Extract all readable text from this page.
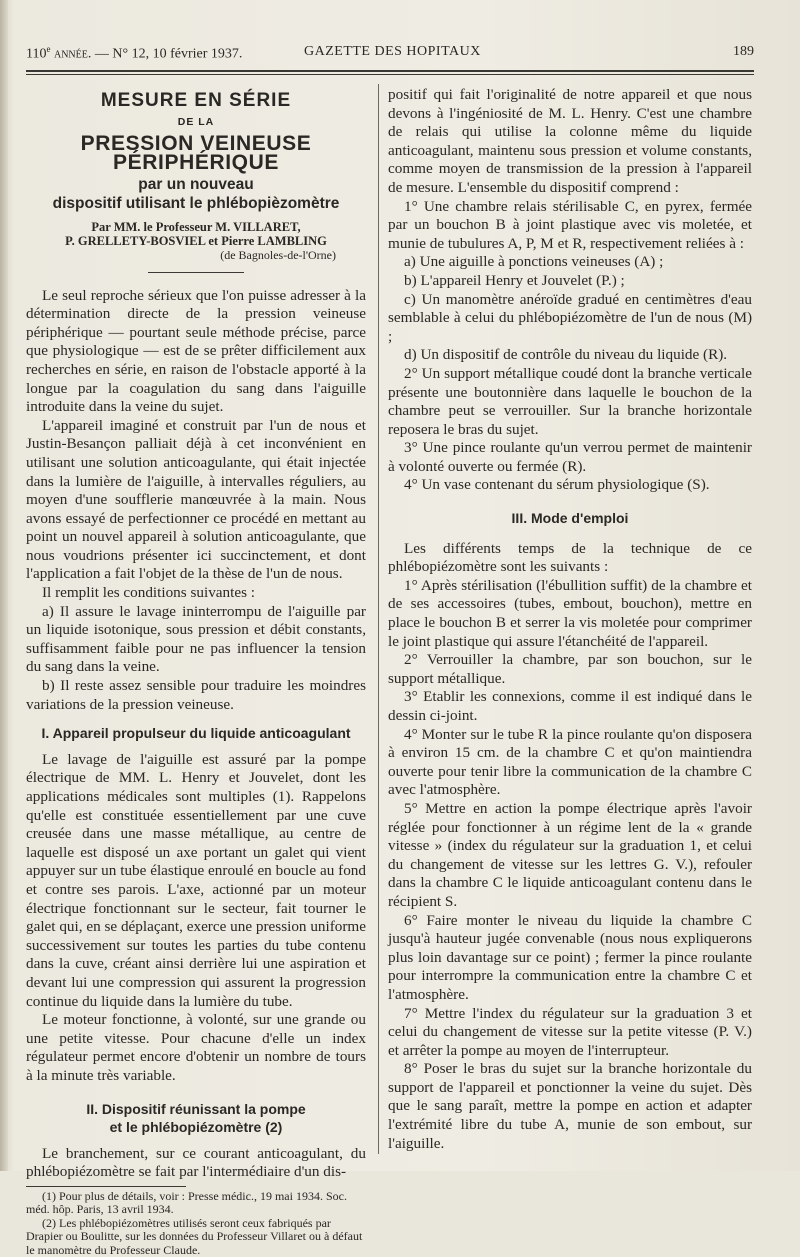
110e année. — N° 12, 10 février 1937.	GAZETTE DES HOPITAUX	189
MESURE EN SÉRIE
DE LA
PRESSION VEINEUSE PÉRIPHÉRIQUE
par un nouveau
dispositif utilisant le phlébopièzomètre
Par MM. le Professeur M. VILLARET,
P. GRELLETY-BOSVIEL et Pierre LAMBLING
(de Bagnoles-de-l'Orne)

Le seul reproche sérieux que l'on puisse adresser à la détermination directe de la pression veineuse périphérique — pourtant seule méthode précise, parce que physiologique — est de se prêter difficilement aux recherches en série, en raison de l'obstacle apporté à la longue par la coagulation du sang dans l'aiguille introduite dans la veine du sujet.

L'appareil imaginé et construit par l'un de nous et Justin-Besançon palliait déjà à cet inconvénient en utilisant une solution anticoagulante, qui était injectée dans la lumière de l'aiguille, à intervalles réguliers, au moyen d'une soufflerie manœuvrée à la main. Nous avons essayé de perfectionner ce procédé en mettant au point un nouvel appareil à solution anticoagulante, que nous voudrions présenter ici succinctement, et dont l'application a fait l'objet de la thèse de l'un de nous.

Il remplit les conditions suivantes :

a) Il assure le lavage ininterrompu de l'aiguille par un liquide isotonique, sous pression et débit constants, suffisamment faible pour ne pas influencer la tension du sang dans la veine.

b) Il reste assez sensible pour traduire les moindres variations de la pression veineuse.

I. Appareil propulseur du liquide anticoagulant

Le lavage de l'aiguille est assuré par la pompe électrique de MM. L. Henry et Jouvelet, dont les applications médicales sont multiples (1). Rappelons qu'elle est constituée essentiellement par une cuve creusée dans une masse métallique, au centre de laquelle est disposé un axe portant un galet qui vient appuyer sur un tube élastique enroulé en boucle au fond et contre ses parois. L'axe, actionné par un moteur électrique fonctionnant sur le secteur, fait tourner le galet qui, en se déplaçant, exerce une pression uniforme successivement sur toutes les parties du tube contenu dans la cuve, créant ainsi derrière lui une aspiration et devant lui une compression qui assurent la progression continue du liquide dans la lumière du tube.

Le moteur fonctionne, à volonté, sur une grande ou une petite vitesse. Pour chacune d'elle un index régulateur permet encore d'obtenir un nombre de tours à la minute très variable.

II. Dispositif réunissant la pompe
et le phlébopiézomètre (2)

Le branchement, sur ce courant anticoagulant, du phlébopiézomètre se fait par l'intermédiaire d'un dis-

(1) Pour plus de détails, voir : Presse médic., 19 mai 1934. Soc. méd. hôp. Paris, 13 avril 1934.

(2) Les phlébopiézomètres utilisés seront ceux fabriqués par Drapier ou Boulitte, sur les données du Professeur Villaret ou à défaut le manomètre du Professeur Claude.

positif qui fait l'originalité de notre appareil et que nous devons à l'ingéniosité de M. L. Henry. C'est une chambre de relais qui utilise la colonne même du liquide anticoagulant, maintenu sous pression et volume constants, comme moyen de transmission de la pression à l'appareil de mesure. L'ensemble du dispositif comprend :

1° Une chambre relais stérilisable C, en pyrex, fermée par un bouchon B à joint plastique avec vis moletée, et munie de tubulures A, P, M et R, respectivement reliées à :

a) Une aiguille à ponctions veineuses (A) ;

b) L'appareil Henry et Jouvelet (P.) ;

c) Un manomètre anéroïde gradué en centimètres d'eau semblable à celui du phlébopiézomètre de l'un de nous (M) ;

d) Un dispositif de contrôle du niveau du liquide (R).

2° Un support métallique coudé dont la branche verticale présente une boutonnière dans laquelle le bouchon de la chambre peut se verrouiller. Sur la branche horizontale reposera le bras du sujet.

3° Une pince roulante qu'un verrou permet de maintenir à volonté ouverte ou fermée (R).

4° Un vase contenant du sérum physiologique (S).

III. Mode d'emploi

Les différents temps de la technique de ce phlébopiézomètre sont les suivants :

1° Après stérilisation (l'ébullition suffit) de la chambre et de ses accessoires (tubes, embout, bouchon), mettre en place le bouchon B et serrer la vis moletée pour comprimer le joint plastique qui assure l'étanchéité de l'appareil.

2° Verrouiller la chambre, par son bouchon, sur le support métallique.

3° Etablir les connexions, comme il est indiqué dans le dessin ci-joint.

4° Monter sur le tube R la pince roulante qu'on disposera à environ 15 cm. de la chambre C et qu'on maintiendra ouverte pour tenir libre la communication de la chambre C avec l'atmosphère.

5° Mettre en action la pompe électrique après l'avoir réglée pour fonctionner à un régime lent de la « grande vitesse » (index du régulateur sur la graduation 1, et celui du changement de vitesse sur les lettres G. V.), refouler dans la chambre C le liquide anticoagulant contenu dans le récipient S.

6° Faire monter le niveau du liquide la chambre C jusqu'à hauteur jugée convenable (nous nous expliquerons plus loin davantage sur ce point) ; fermer la pince roulante pour interrompre la communication entre la chambre C et l'atmosphère.

7° Mettre l'index du régulateur sur la graduation 3 et celui du changement de vitesse sur la petite vitesse (P. V.) et arrêter la pompe au moyen de l'interrupteur.

8° Poser le bras du sujet sur la branche horizontale du support de l'appareil et ponctionner la veine du sujet. Dès que le sang paraît, mettre la pompe en action et adapter l'extrémité libre du tube A, munie de son embout, sur l'aiguille.
